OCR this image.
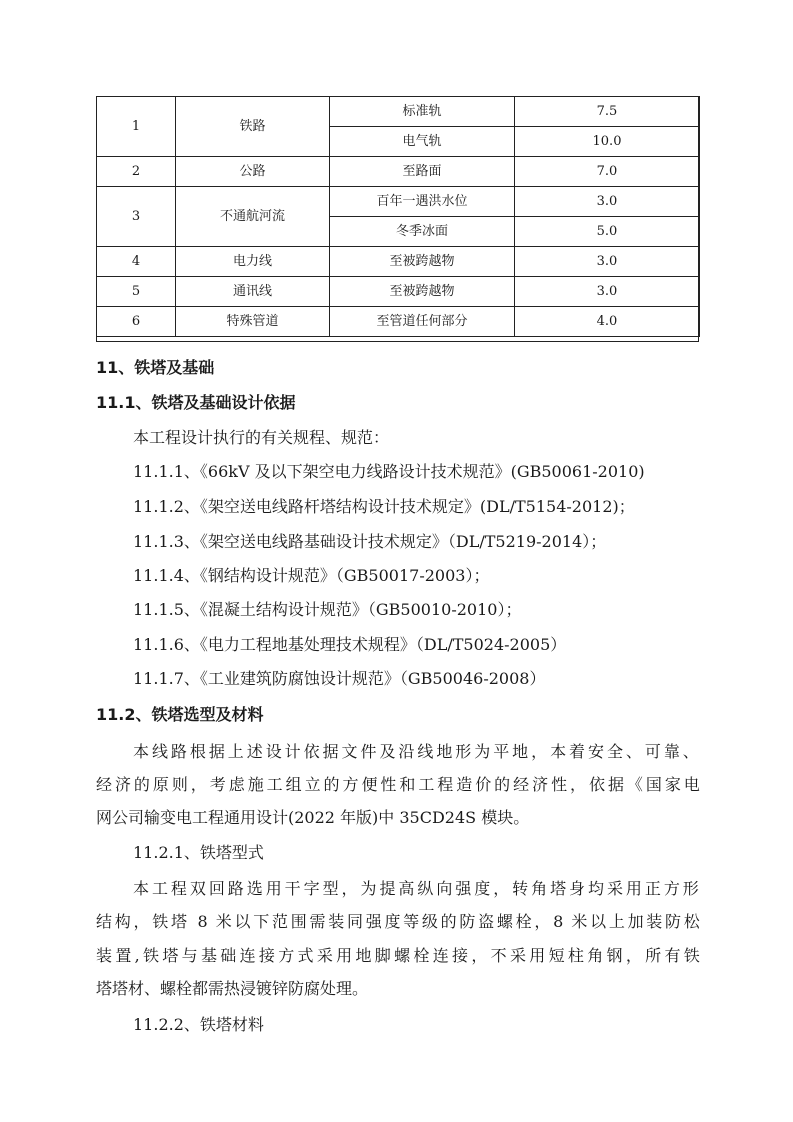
1	铁路	标准轨	7.5
		电气轨	10.0
2	公路	至路面	7.0
3	不通航河流	百年一遇洪水位	3.0
		冬季冰面	5.0
4	电力线	至被跨越物	3.0
5	通讯线	至被跨越物	3.0
6	特殊管道	至管道任何部分	4.0
11、铁塔及基础
11.1、铁塔及基础设计依据
本工程设计执行的有关规程、规范：
11.1.1、《66kV 及以下架空电力线路设计技术规范》(GB50061-2010)
11.1.2、《架空送电线路杆塔结构设计技术规定》(DL/T5154-2012)；
11.1.3、《架空送电线路基础设计技术规定》（DL/T5219-2014）；
11.1.4、《钢结构设计规范》（GB50017-2003）；
11.1.5、《混凝土结构设计规范》（GB50010-2010）；
11.1.6、《电力工程地基处理技术规程》（DL/T5024-2005）
11.1.7、《工业建筑防腐蚀设计规范》（GB50046-2008）
11.2、铁塔选型及材料
本线路根据上述设计依据文件及沿线地形为平地，本着安全、可靠、
经济的原则，考虑施工组立的方便性和工程造价的经济性，依据《国家电
网公司输变电工程通用设计(2022 年版)中 35CD24S 模块。
11.2.1、铁塔型式
本工程双回路选用干字型，为提高纵向强度，转角塔身均采用正方形
结构，铁塔 8 米以下范围需装同强度等级的防盗螺栓，8 米以上加装防松
装置,铁塔与基础连接方式采用地脚螺栓连接，不采用短柱角钢，所有铁
塔塔材、螺栓都需热浸镀锌防腐处理。
11.2.2、铁塔材料
